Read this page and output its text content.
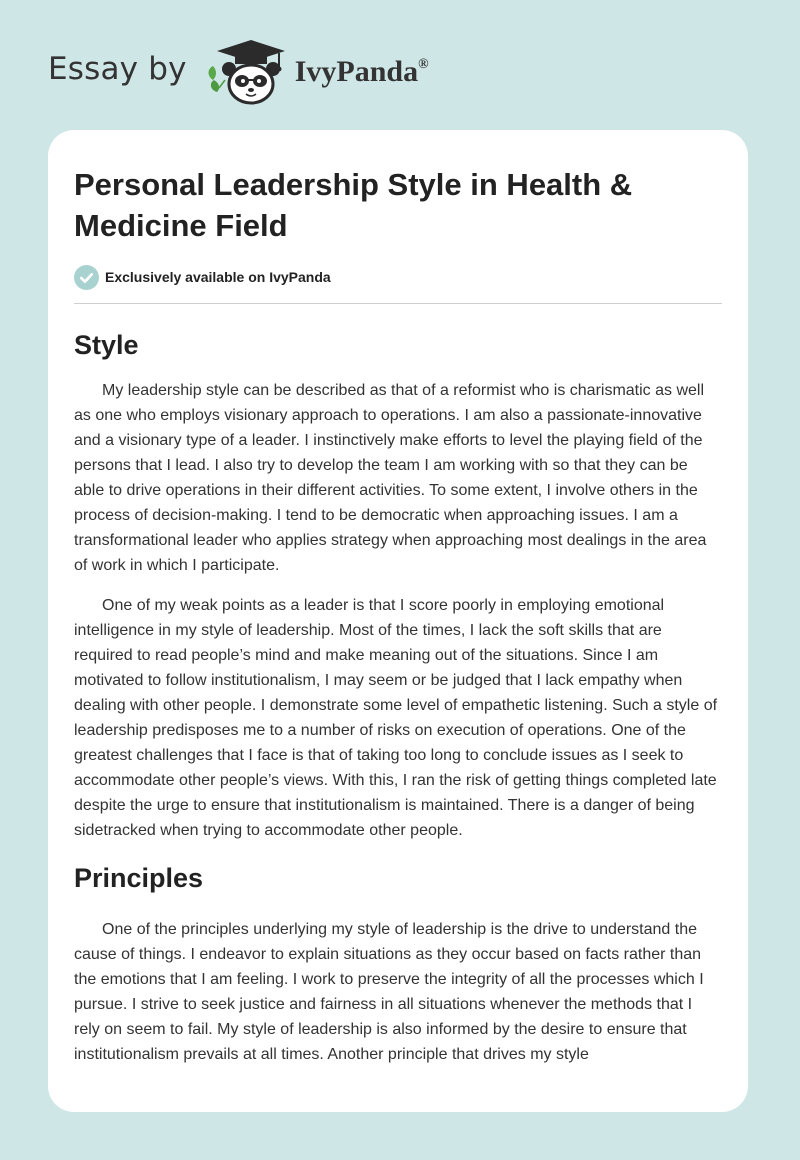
Essay by	IvyPanda®
Personal Leadership Style in Health & Medicine Field
Exclusively available on IvyPanda
Style

My leadership style can be described as that of a reformist who is charismatic as well as one who employs visionary approach to operations. I am also a passionate-innovative and a visionary type of a leader. I instinctively make efforts to level the playing field of the persons that I lead. I also try to develop the team I am working with so that they can be able to drive operations in their different activities. To some extent, I involve others in the process of decision-making. I tend to be democratic when approaching issues. I am a transformational leader who applies strategy when approaching most dealings in the area of work in which I participate.

One of my weak points as a leader is that I score poorly in employing emotional intelligence in my style of leadership. Most of the times, I lack the soft skills that are required to read people’s mind and make meaning out of the situations. Since I am motivated to follow institutionalism, I may seem or be judged that I lack empathy when dealing with other people. I demonstrate some level of empathetic listening. Such a style of leadership predisposes me to a number of risks on execution of operations. One of the greatest challenges that I face is that of taking too long to conclude issues as I seek to accommodate other people’s views. With this, I ran the risk of getting things completed late despite the urge to ensure that institutionalism is maintained. There is a danger of being sidetracked when trying to accommodate other people.

Principles

One of the principles underlying my style of leadership is the drive to understand the cause of things. I endeavor to explain situations as they occur based on facts rather than the emotions that I am feeling. I work to preserve the integrity of all the processes which I pursue. I strive to seek justice and fairness in all situations whenever the methods that I rely on seem to fail. My style of leadership is also informed by the desire to ensure that institutionalism prevails at all times. Another principle that drives my style
